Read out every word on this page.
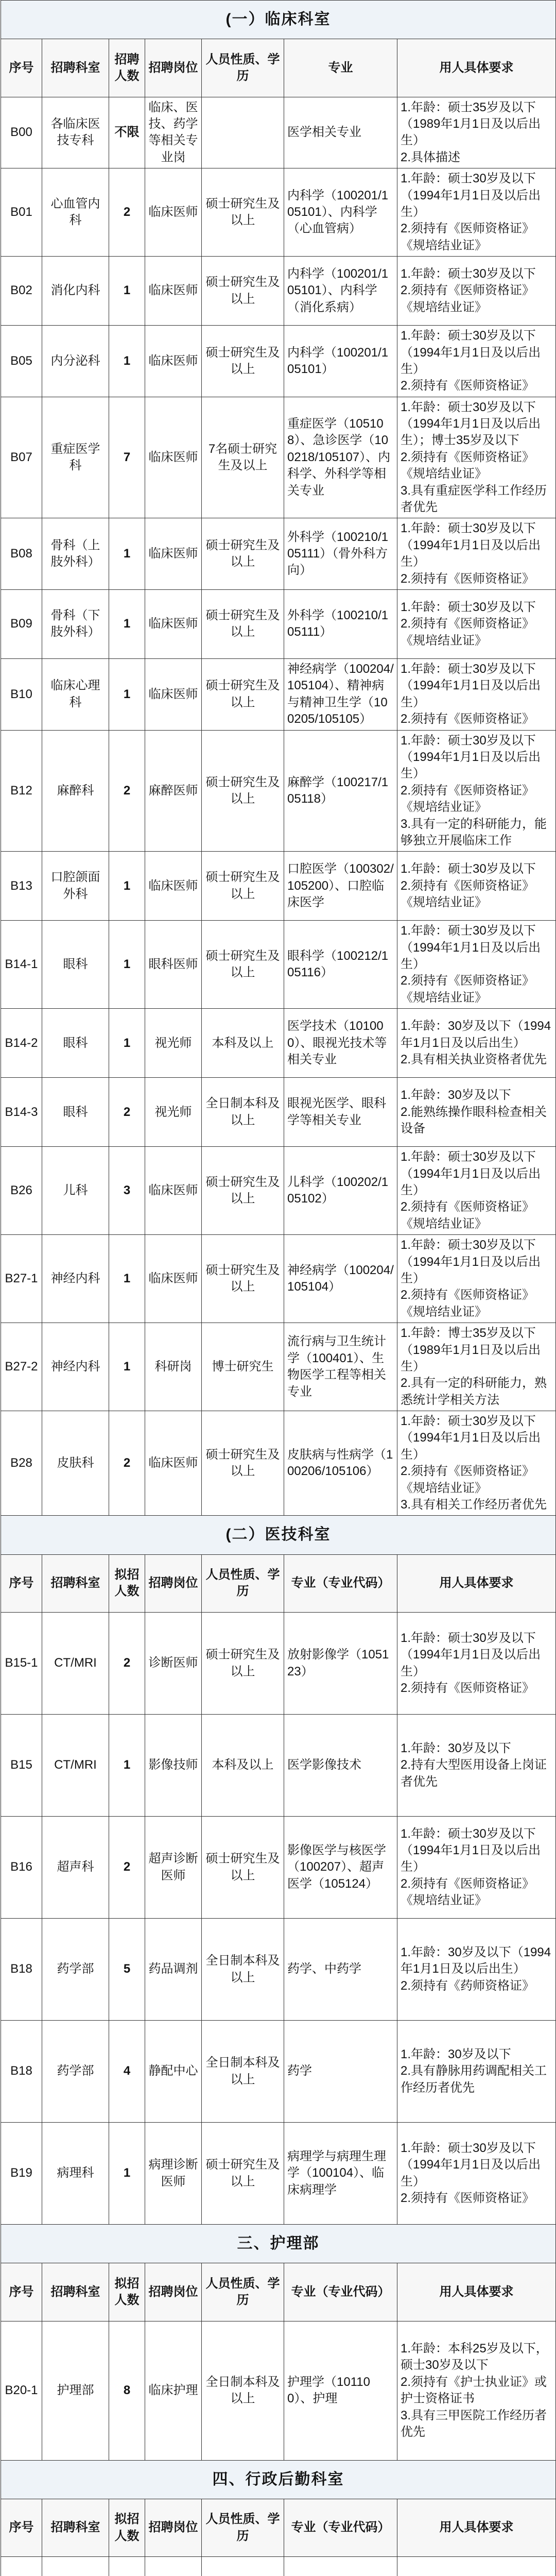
(一）临床科室						
序号	招聘科室	招聘人数	招聘岗位	人员性质、学历	专业	用人具体要求
B00	各临床医技专科	不限	临床、医技、药学等相关专业岗		医学相关专业	1.年龄：硕士35岁及以下（1989年1月1日及以后出生）
2.具体描述
B01	心血管内科	2	临床医师	硕士研究生及以上	内科学（100201/105101）、内科学（心血管病）	1.年龄：硕士30岁及以下（1994年1月1日及以后出生）
2.须持有《医师资格证》《规培结业证》
B02	消化内科	1	临床医师	硕士研究生及以上	内科学（100201/105101）、内科学（消化系病）	1.年龄：硕士30岁及以下
2.须持有《医师资格证》《规培结业证》
B05	内分泌科	1	临床医师	硕士研究生及以上	内科学（100201/105101）	1.年龄：硕士30岁及以下（1994年1月1日及以后出生）
2.须持有《医师资格证》
B07	重症医学科	7	临床医师	7名硕士研究生及以上	重症医学（105108）、急诊医学（100218/105107）、内科学、外科学等相关专业	1.年龄：硕士30岁及以下（1994年1月1日及以后出生）；博士35岁及以下
2.须持有《医师资格证》《规培结业证》
3.具有重症医学科工作经历者优先
B08	骨科（上肢外科）	1	临床医师	硕士研究生及以上	外科学（100210/105111）（骨外科方向）	1.年龄：硕士30岁及以下（1994年1月1日及以后出生）
2.须持有《医师资格证》
B09	骨科（下肢外科）	1	临床医师	硕士研究生及以上	外科学（100210/105111）	1.年龄：硕士30岁及以下
2.须持有《医师资格证》《规培结业证》
B10	临床心理科	1	临床医师	硕士研究生及以上	神经病学（100204/105104）、精神病与精神卫生学（100205/105105）	1.年龄：硕士30岁及以下（1994年1月1日及以后出生）
2.须持有《医师资格证》
B12	麻醉科	2	麻醉医师	硕士研究生及以上	麻醉学（100217/105118）	1.年龄：硕士30岁及以下（1994年1月1日及以后出生）
2.须持有《医师资格证》《规培结业证》
3.具有一定的科研能力，能够独立开展临床工作
B13	口腔颌面外科	1	临床医师	硕士研究生及以上	口腔医学（100302/105200）、口腔临床医学	1.年龄：硕士30岁及以下
2.须持有《医师资格证》《规培结业证》
B14-1	眼科	1	眼科医师	硕士研究生及以上	眼科学（100212/105116）	1.年龄：硕士30岁及以下（1994年1月1日及以后出生）
2.须持有《医师资格证》《规培结业证》
B14-2	眼科	1	视光师	本科及以上	医学技术（101000）、眼视光技术等相关专业	1.年龄：30岁及以下（1994年1月1日及以后出生）
2.具有相关执业资格者优先
B14-3	眼科	2	视光师	全日制本科及以上	眼视光医学、眼科学等相关专业	1.年龄：30岁及以下
2.能熟练操作眼科检查相关设备
B26	儿科	3	临床医师	硕士研究生及以上	儿科学（100202/105102）	1.年龄：硕士30岁及以下（1994年1月1日及以后出生）
2.须持有《医师资格证》《规培结业证》
B27-1	神经内科	1	临床医师	硕士研究生及以上	神经病学（100204/105104）	1.年龄：硕士30岁及以下（1994年1月1日及以后出生）
2.须持有《医师资格证》《规培结业证》
B27-2	神经内科	1	科研岗	博士研究生	流行病与卫生统计学（100401）、生物医学工程等相关专业	1.年龄：博士35岁及以下（1989年1月1日及以后出生）
2.具有一定的科研能力，熟悉统计学相关方法
B28	皮肤科	2	临床医师	硕士研究生及以上	皮肤病与性病学（100206/105106）	1.年龄：硕士30岁及以下（1994年1月1日及以后出生）
2.须持有《医师资格证》《规培结业证》
3.具有相关工作经历者优先
(二）医技科室						
序号	招聘科室	拟招人数	招聘岗位	人员性质、学历	专业（专业代码）	用人具体要求
B15-1	CT/MRI	2	诊断医师	硕士研究生及以上	放射影像学（105123）	1.年龄：硕士30岁及以下（1994年1月1日及以后出生）
2.须持有《医师资格证》
B15	CT/MRI	1	影像技师	本科及以上	医学影像技术	1.年龄：30岁及以下
2.持有大型医用设备上岗证者优先
B16	超声科	2	超声诊断医师	硕士研究生及以上	影像医学与核医学（100207）、超声医学（105124）	1.年龄：硕士30岁及以下（1994年1月1日及以后出生）
2.须持有《医师资格证》《规培结业证》
B18	药学部	5	药品调剂	全日制本科及以上	药学、中药学	1.年龄：30岁及以下（1994年1月1日及以后出生）
2.须持有《药师资格证》
B18	药学部	4	静配中心	全日制本科及以上	药学	1.年龄：30岁及以下
2.具有静脉用药调配相关工作经历者优先
B19	病理科	1	病理诊断医师	硕士研究生及以上	病理学与病理生理学（100104）、临床病理学	1.年龄：硕士30岁及以下（1994年1月1日及以后出生）
2.须持有《医师资格证》
三、护理部						
序号	招聘科室	拟招人数	招聘岗位	人员性质、学历	专业（专业代码）	用人具体要求
B20-1	护理部	8	临床护理	全日制本科及以上	护理学（101100）、护理	1.年龄：本科25岁及以下，硕士30岁及以下
2.须持有《护士执业证》或护士资格证书
3.具有三甲医院工作经历者优先
四、行政后勤科室						
序号	招聘科室	拟招人数	招聘岗位	人员性质、学历	专业（专业代码）	用人具体要求
